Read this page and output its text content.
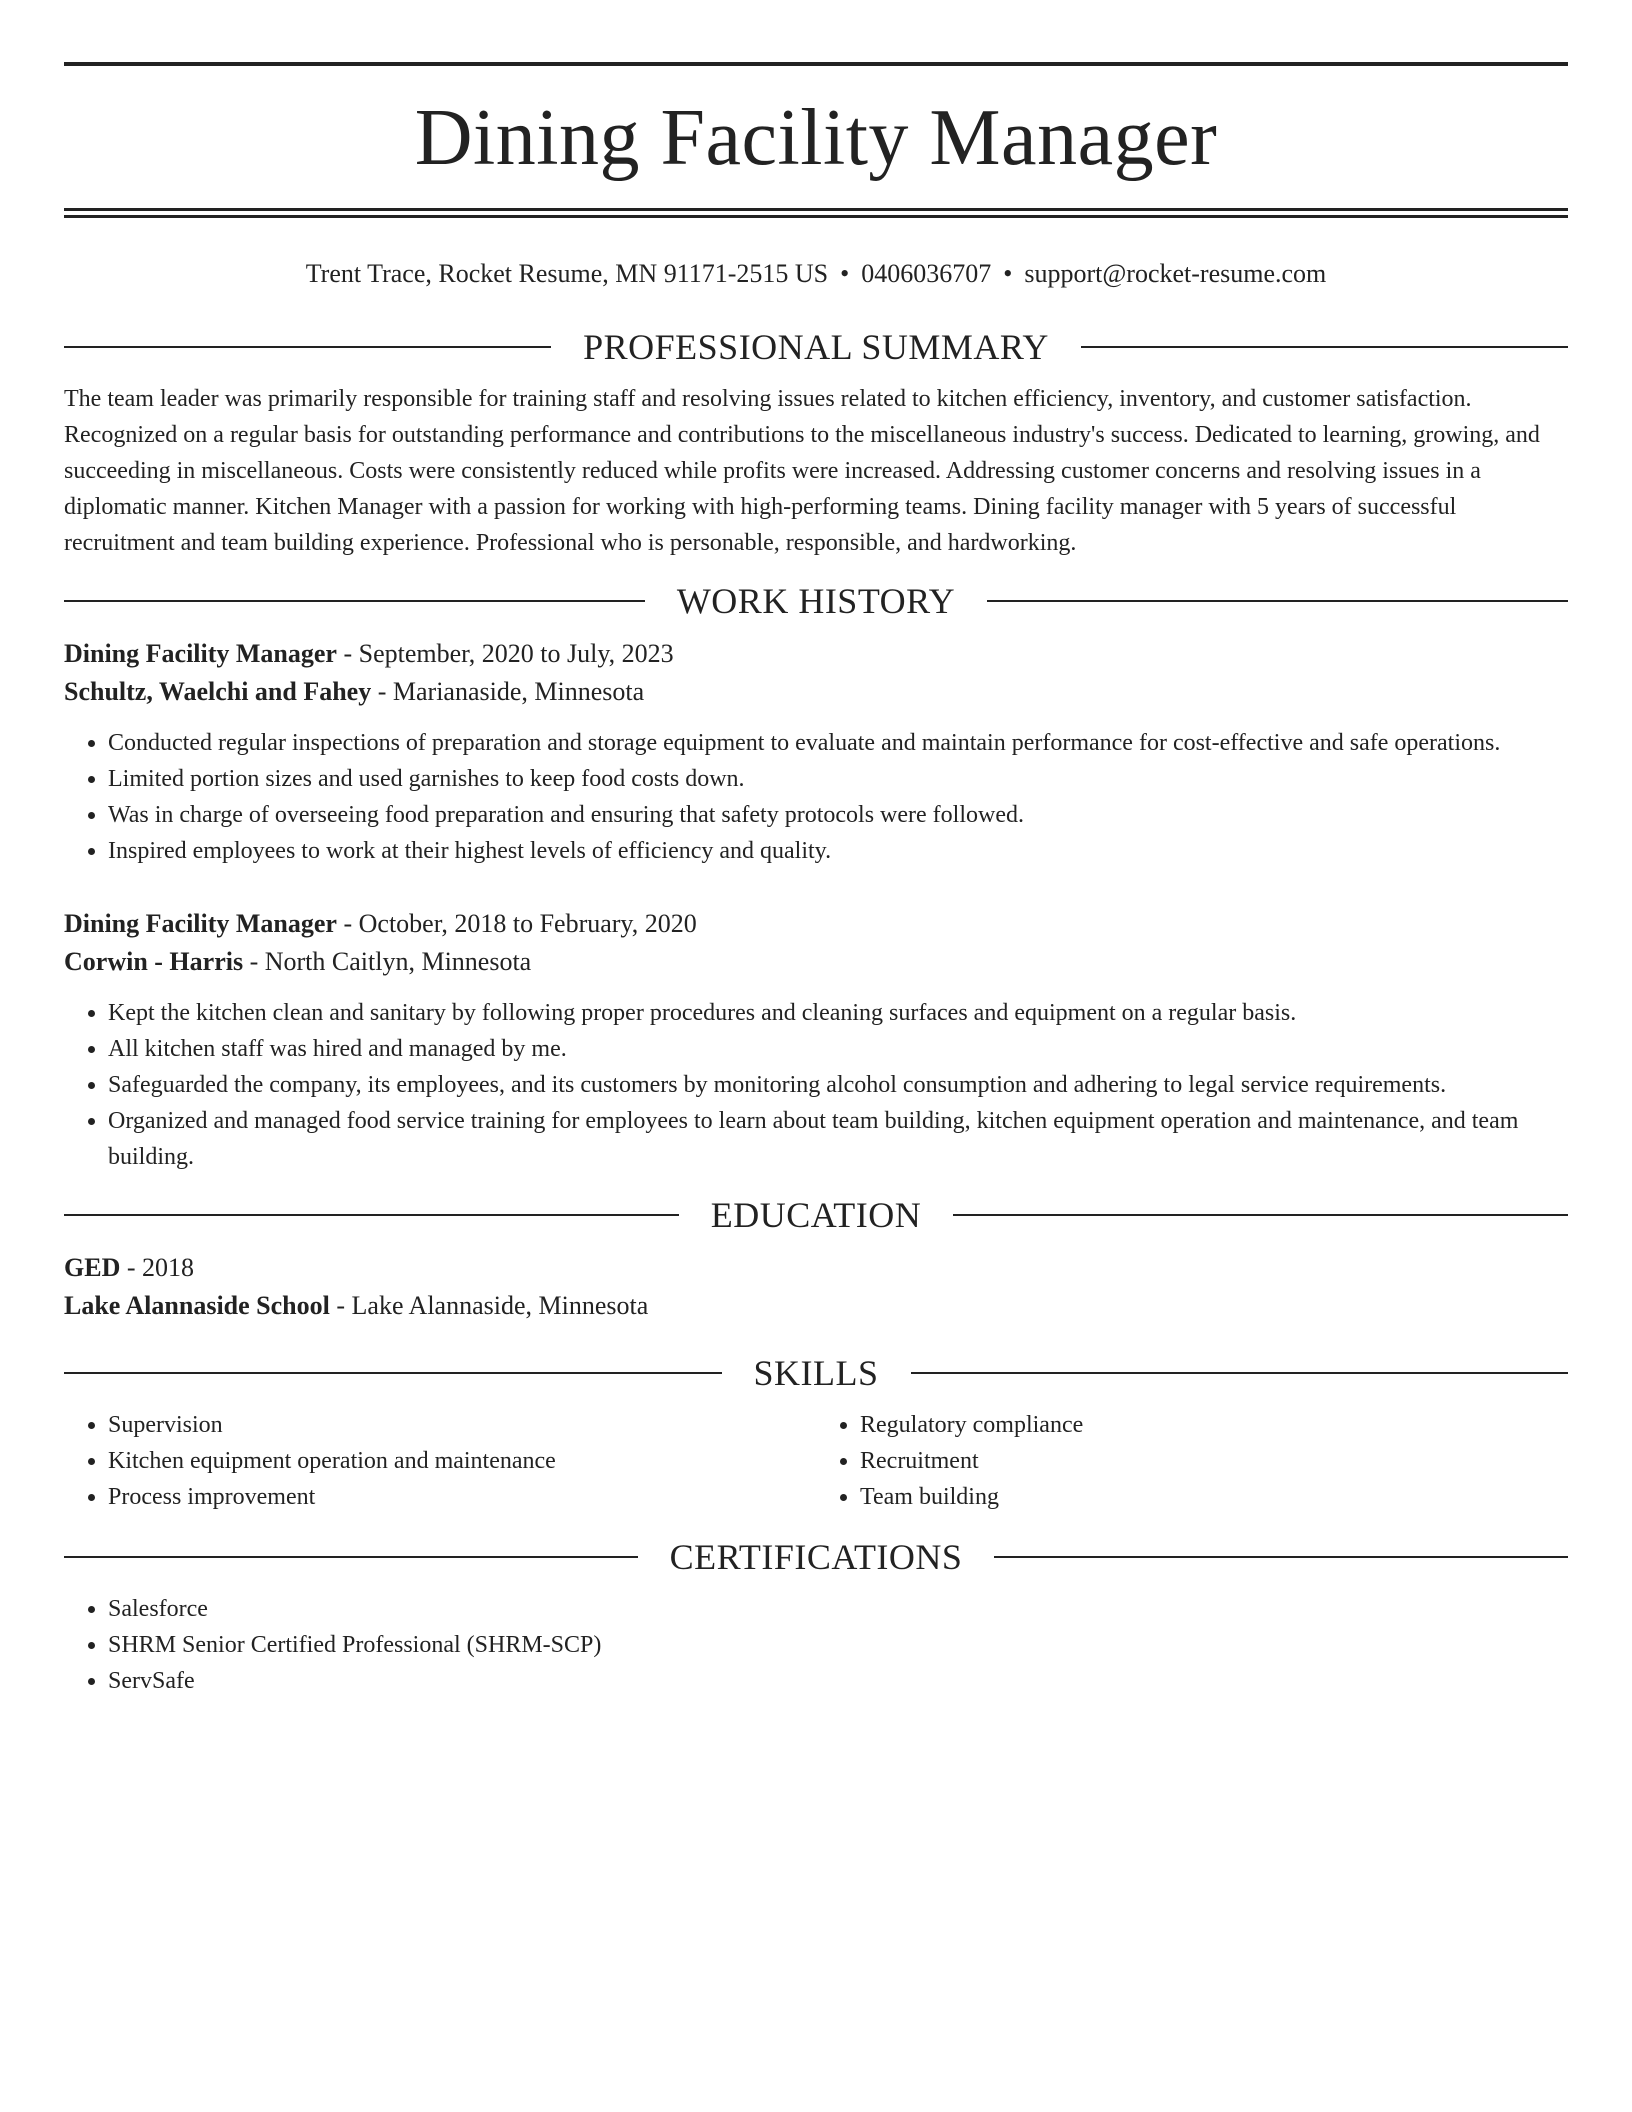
Dining Facility Manager
Trent Trace, Rocket Resume, MN 91171-2515 US • 0406036707 • support@rocket-resume.com
PROFESSIONAL SUMMARY

The team leader was primarily responsible for training staff and resolving issues related to kitchen efficiency, inventory, and customer satisfaction. Recognized on a regular basis for outstanding performance and contributions to the miscellaneous industry's success. Dedicated to learning, growing, and succeeding in miscellaneous. Costs were consistently reduced while profits were increased. Addressing customer concerns and resolving issues in a diplomatic manner. Kitchen Manager with a passion for working with high-performing teams. Dining facility manager with 5 years of successful recruitment and team building experience. Professional who is personable, responsible, and hardworking.

WORK HISTORY
Dining Facility Manager - September, 2020 to July, 2023
Schultz, Waelchi and Fahey - Marianaside, Minnesota
• Conducted regular inspections of preparation and storage equipment to evaluate and maintain performance for cost-effective and safe operations.
• Limited portion sizes and used garnishes to keep food costs down.
• Was in charge of overseeing food preparation and ensuring that safety protocols were followed.
• Inspired employees to work at their highest levels of efficiency and quality.
Dining Facility Manager - October, 2018 to February, 2020
Corwin - Harris - North Caitlyn, Minnesota
• Kept the kitchen clean and sanitary by following proper procedures and cleaning surfaces and equipment on a regular basis.
• All kitchen staff was hired and managed by me.
• Safeguarded the company, its employees, and its customers by monitoring alcohol consumption and adhering to legal service requirements.
• Organized and managed food service training for employees to learn about team building, kitchen equipment operation and maintenance, and team building.
EDUCATION
GED - 2018
Lake Alannaside School - Lake Alannaside, Minnesota
SKILLS
• Supervision
• Kitchen equipment operation and maintenance
• Process improvement
• Regulatory compliance
• Recruitment
• Team building
CERTIFICATIONS
• Salesforce
• SHRM Senior Certified Professional (SHRM-SCP)
• ServSafe
